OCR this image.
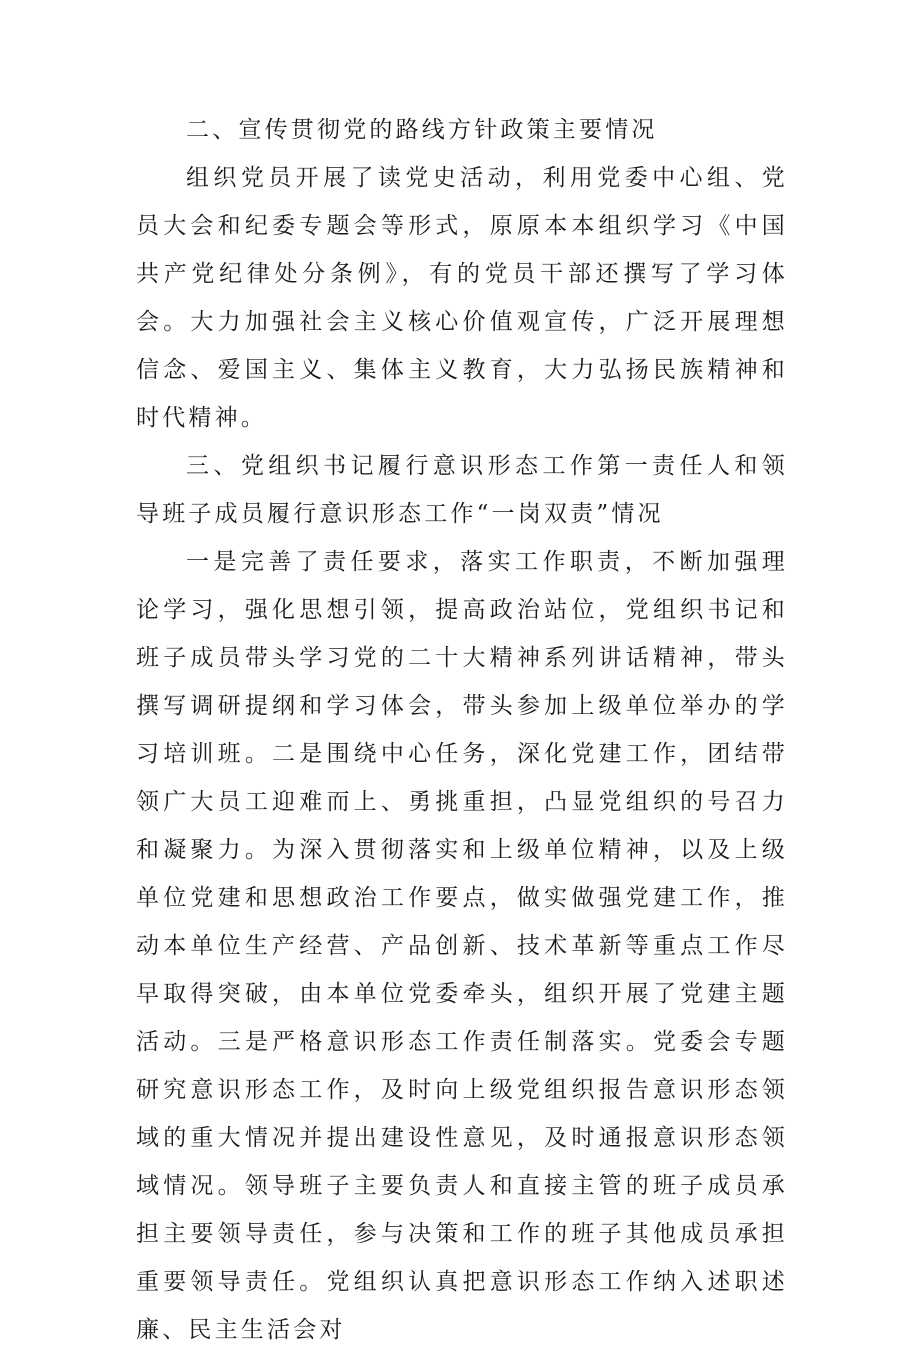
二、宣传贯彻党的路线方针政策主要情况

组织党员开展了读党史活动，利用党委中心组、党员大会和纪委专题会等形式，原原本本组织学习《中国共产党纪律处分条例》，有的党员干部还撰写了学习体会。大力加强社会主义核心价值观宣传，广泛开展理想信念、爱国主义、集体主义教育，大力弘扬民族精神和时代精神。

三、党组织书记履行意识形态工作第一责任人和领导班子成员履行意识形态工作“一岗双责”情况

一是完善了责任要求，落实工作职责，不断加强理论学习，强化思想引领，提高政治站位，党组织书记和班子成员带头学习党的二十大精神系列讲话精神，带头撰写调研提纲和学习体会，带头参加上级单位举办的学习培训班。二是围绕中心任务，深化党建工作，团结带领广大员工迎难而上、勇挑重担，凸显党组织的号召力和凝聚力。为深入贯彻落实和上级单位精神，以及上级单位党建和思想政治工作要点，做实做强党建工作，推动本单位生产经营、产品创新、技术革新等重点工作尽早取得突破，由本单位党委牵头，组织开展了党建主题活动。三是严格意识形态工作责任制落实。党委会专题研究意识形态工作，及时向上级党组织报告意识形态领域的重大情况并提出建设性意见，及时通报意识形态领域情况。领导班子主要负责人和直接主管的班子成员承担主要领导责任，参与决策和工作的班子其他成员承担重要领导责任。党组织认真把意识形态工作纳入述职述廉、民主生活会对
